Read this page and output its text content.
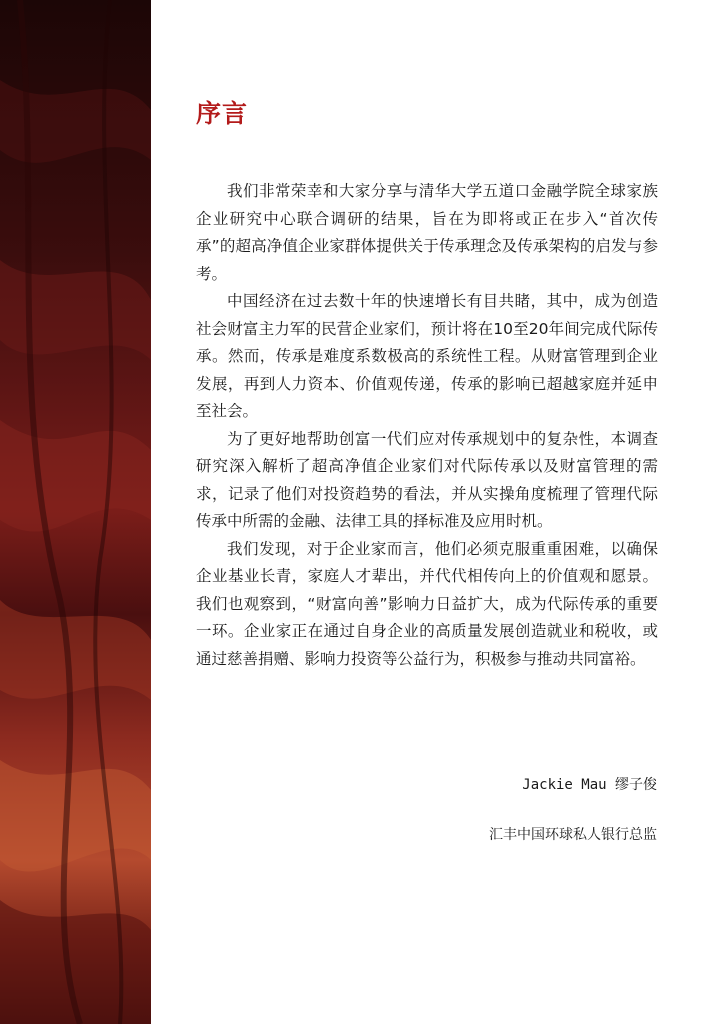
序言

我们非常荣幸和大家分享与清华大学五道口金融学院全球家族企业研究中心联合调研的结果，旨在为即将或正在步入“首次传承”的超高净值企业家群体提供关于传承理念及传承架构的启发与参考。

中国经济在过去数十年的快速增长有目共睹，其中，成为创造社会财富主力军的民营企业家们，预计将在10至20年间完成代际传承。然而，传承是难度系数极高的系统性工程。从财富管理到企业发展，再到人力资本、价值观传递，传承的影响已超越家庭并延申至社会。

为了更好地帮助创富一代们应对传承规划中的复杂性，本调查研究深入解析了超高净值企业家们对代际传承以及财富管理的需求，记录了他们对投资趋势的看法，并从实操角度梳理了管理代际传承中所需的金融、法律工具的择标准及应用时机。

我们发现，对于企业家而言，他们必须克服重重困难，以确保企业基业长青，家庭人才辈出，并代代相传向上的价值观和愿景。我们也观察到，“财富向善”影响力日益扩大，成为代际传承的重要一环。企业家正在通过自身企业的高质量发展创造就业和税收，或通过慈善捐赠、影响力投资等公益行为，积极参与推动共同富裕。

Jackie Mau 缪子俊

汇丰中国环球私人银行总监
